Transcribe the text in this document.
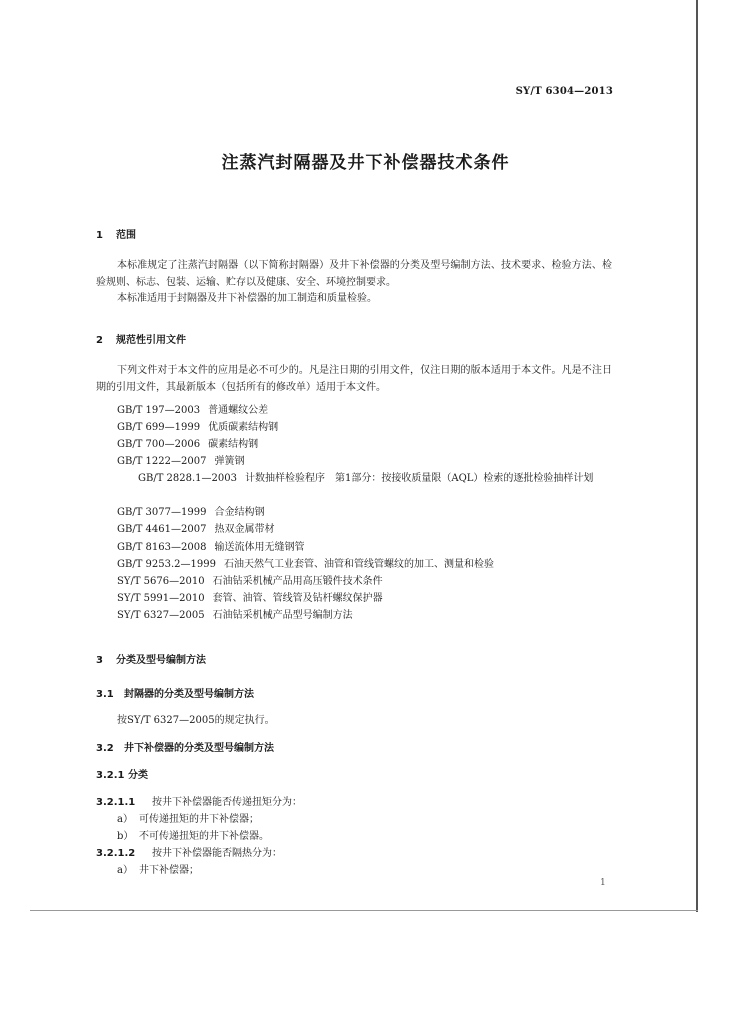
SY/T 6304—2013
注蒸汽封隔器及井下补偿器技术条件
1 范围

本标准规定了注蒸汽封隔器（以下简称封隔器）及井下补偿器的分类及型号编制方法、技术要求、检验方法、检验规则、标志、包装、运输、贮存以及健康、安全、环境控制要求。

本标准适用于封隔器及井下补偿器的加工制造和质量检验。

2 规范性引用文件

下列文件对于本文件的应用是必不可少的。凡是注日期的引用文件，仅注日期的版本适用于本文件。凡是不注日期的引用文件，其最新版本（包括所有的修改单）适用于本文件。

GB/T 197—2003 普通螺纹公差
GB/T 699—1999 优质碳素结构钢
GB/T 700—2006 碳素结构钢
GB/T 1222—2007 弹簧钢
GB/T 2828.1—2003 计数抽样检验程序　第1部分：按接收质量限（AQL）检索的逐批检验抽样计划
GB/T 3077—1999 合金结构钢
GB/T 4461—2007 热双金属带材
GB/T 8163—2008 输送流体用无缝钢管
GB/T 9253.2—1999 石油天然气工业套管、油管和管线管螺纹的加工、测量和检验
SY/T 5676—2010 石油钻采机械产品用高压锻件技术条件
SY/T 5991—2010 套管、油管、管线管及钻杆螺纹保护器
SY/T 6327—2005 石油钻采机械产品型号编制方法
3 分类及型号编制方法
3.1 封隔器的分类及型号编制方法
按SY/T 6327—2005的规定执行。
3.2 井下补偿器的分类及型号编制方法
3.2.1 分类
3.2.1.1 按井下补偿器能否传递扭矩分为：
a） 可传递扭矩的井下补偿器；
b） 不可传递扭矩的井下补偿器。
3.2.1.2 按井下补偿器能否隔热分为：
a） 井下补偿器；
1
